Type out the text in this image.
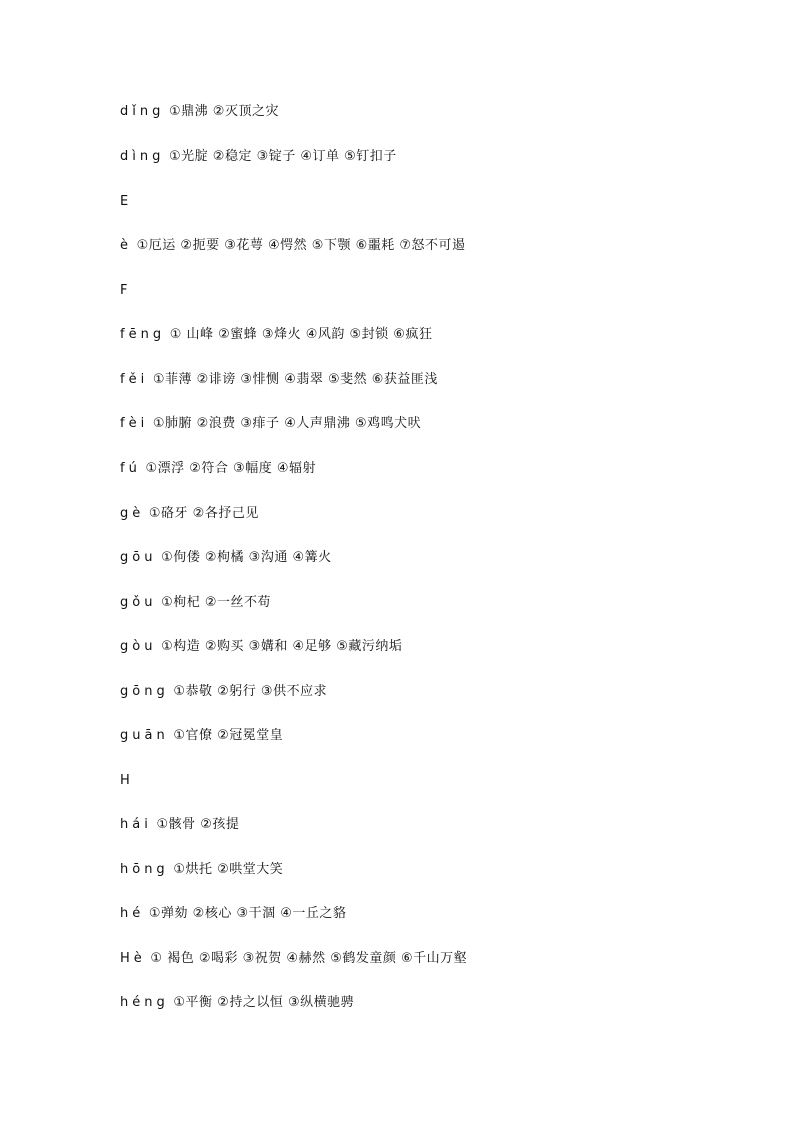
dǐng ①鼎沸 ②灭顶之灾
dìng ①光腚 ②稳定 ③锭子 ④订单 ⑤钉扣子
E
è ①厄运 ②扼要 ③花萼 ④愕然 ⑤下颚 ⑥噩耗 ⑦怒不可遏
F
fēng ① 山峰 ②蜜蜂 ③烽火 ④风韵 ⑤封锁 ⑥疯狂
fěi ①菲薄 ②诽谤 ③悱恻 ④翡翠 ⑤斐然 ⑥获益匪浅
fèi ①肺腑 ②浪费 ③痱子 ④人声鼎沸 ⑤鸡鸣犬吠
fú ①漂浮 ②符合 ③幅度 ④辐射
gè ①硌牙 ②各抒己见
gōu ①佝偻 ②枸橘 ③沟通 ④篝火
gǒu ①枸杞 ②一丝不苟
gòu ①构造 ②购买 ③媾和 ④足够 ⑤藏污纳垢
gōng ①恭敬 ②躬行 ③供不应求
guān ①官僚 ②冠冕堂皇
H
hái ①骸骨 ②孩提
hōng ①烘托 ②哄堂大笑
hé ①弹劾 ②核心 ③干涸 ④一丘之貉
Hè ① 褐色 ②喝彩 ③祝贺 ④赫然 ⑤鹤发童颜 ⑥千山万壑
héng ①平衡 ②持之以恒 ③纵横驰骋
